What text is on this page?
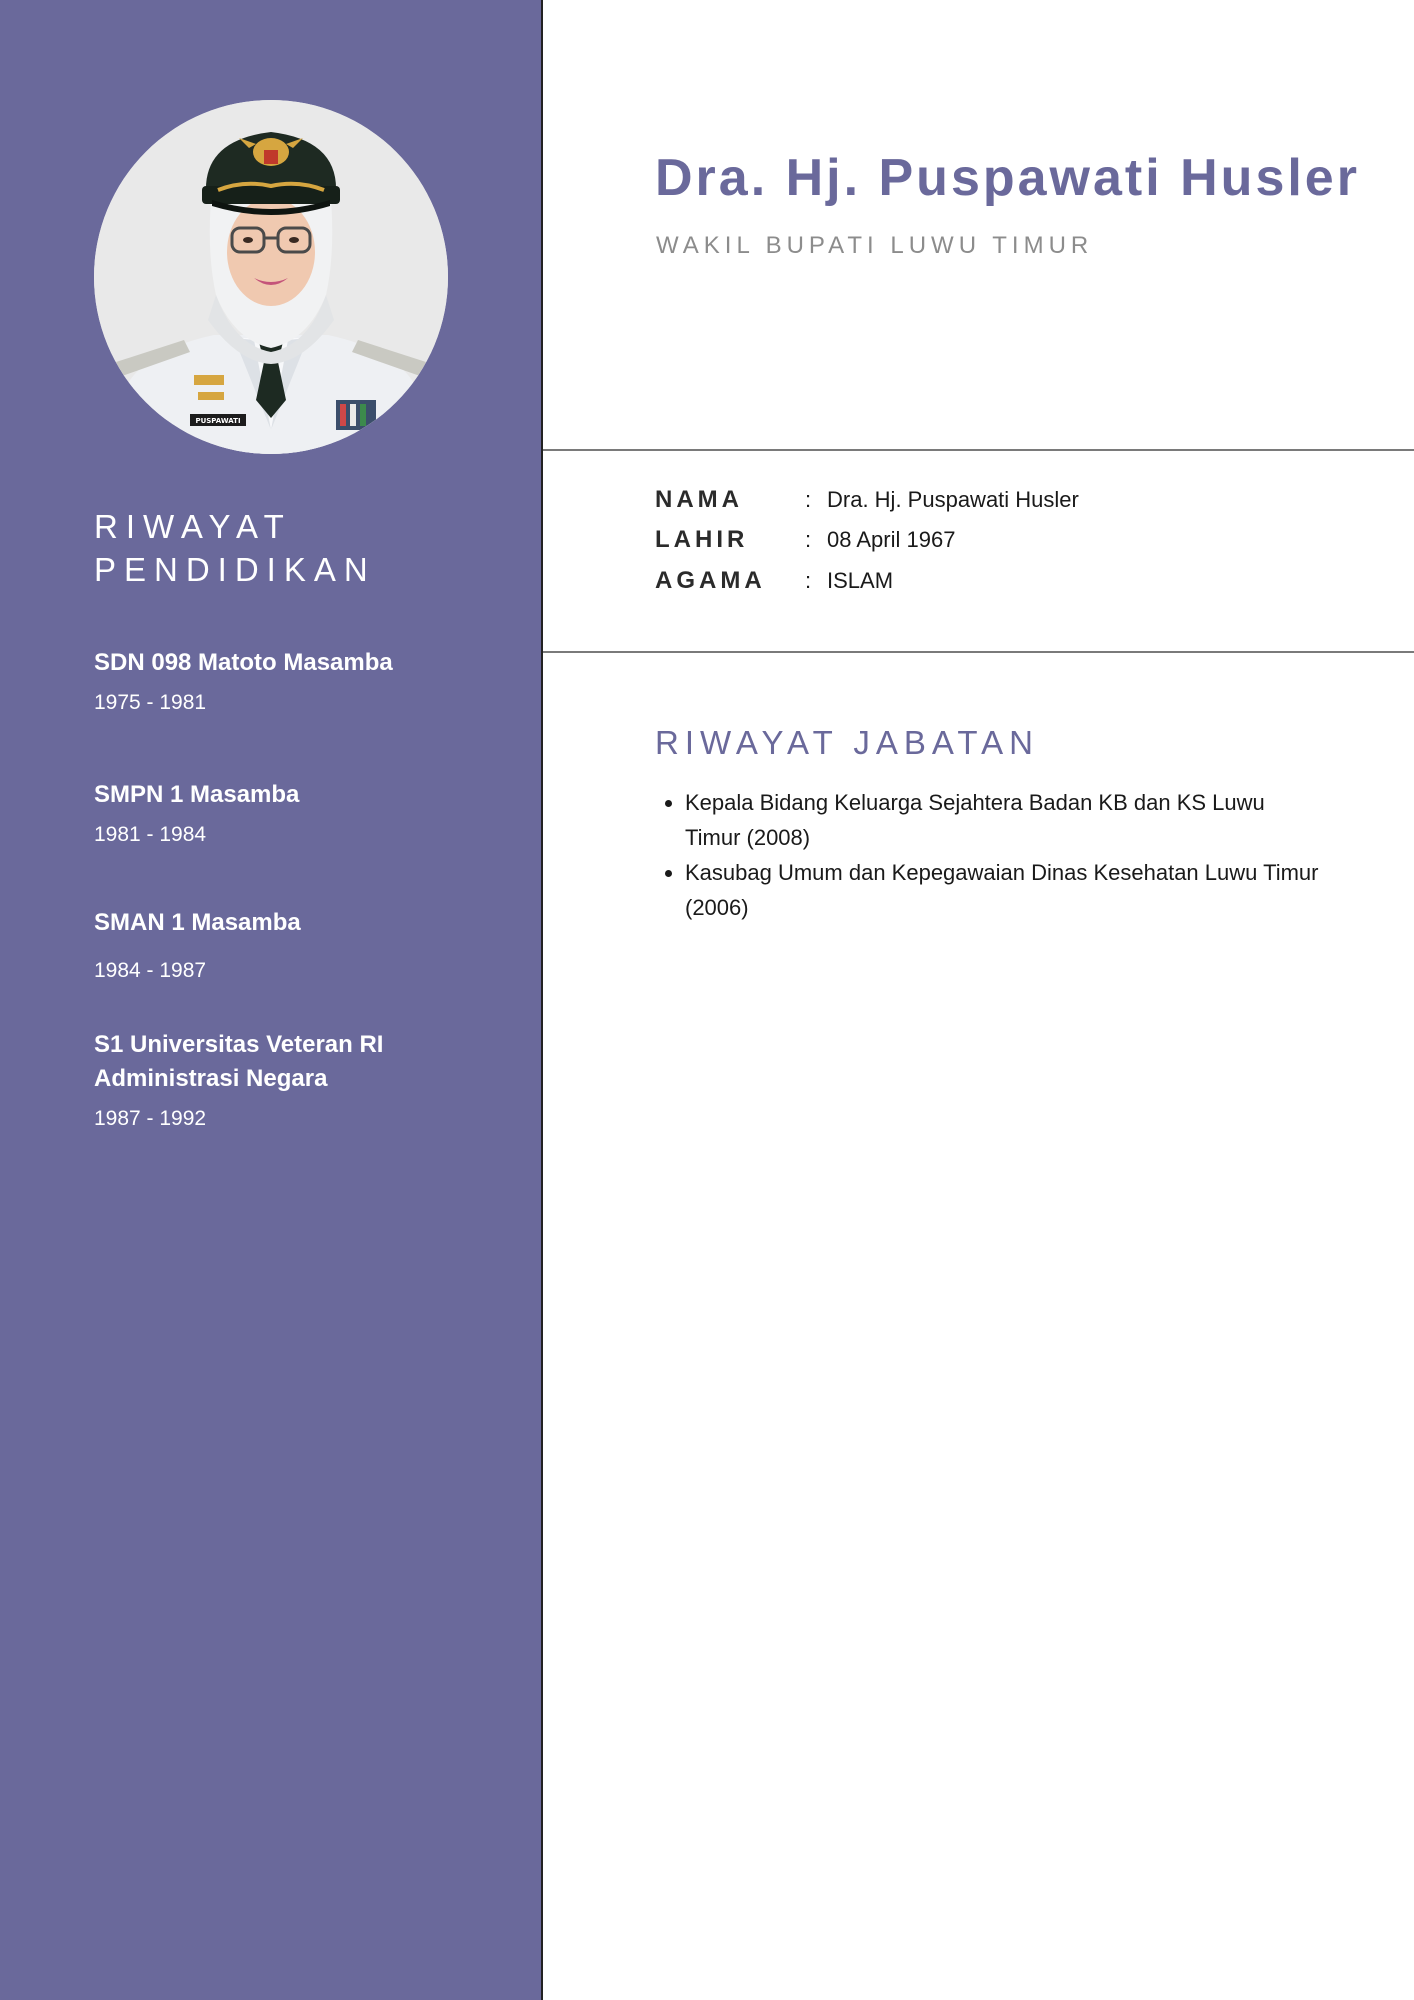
PUSPAWATI
RIWAYAT PENDIDIKAN
SDN 098 Matoto Masamba
1975 - 1981
SMPN 1 Masamba
1981 - 1984
SMAN 1 Masamba
1984 - 1987
S1 Universitas Veteran RI Administrasi Negara
1987 - 1992
Dra. Hj. Puspawati Husler
WAKIL BUPATI LUWU TIMUR
NAMA	: Dra. Hj. Puspawati Husler
LAHIR	: 08 April 1967
AGAMA	: ISLAM
RIWAYAT JABATAN
• Kepala Bidang Keluarga Sejahtera Badan KB dan KS Luwu Timur (2008)
• Kasubag Umum dan Kepegawaian Dinas Kesehatan Luwu Timur (2006)
